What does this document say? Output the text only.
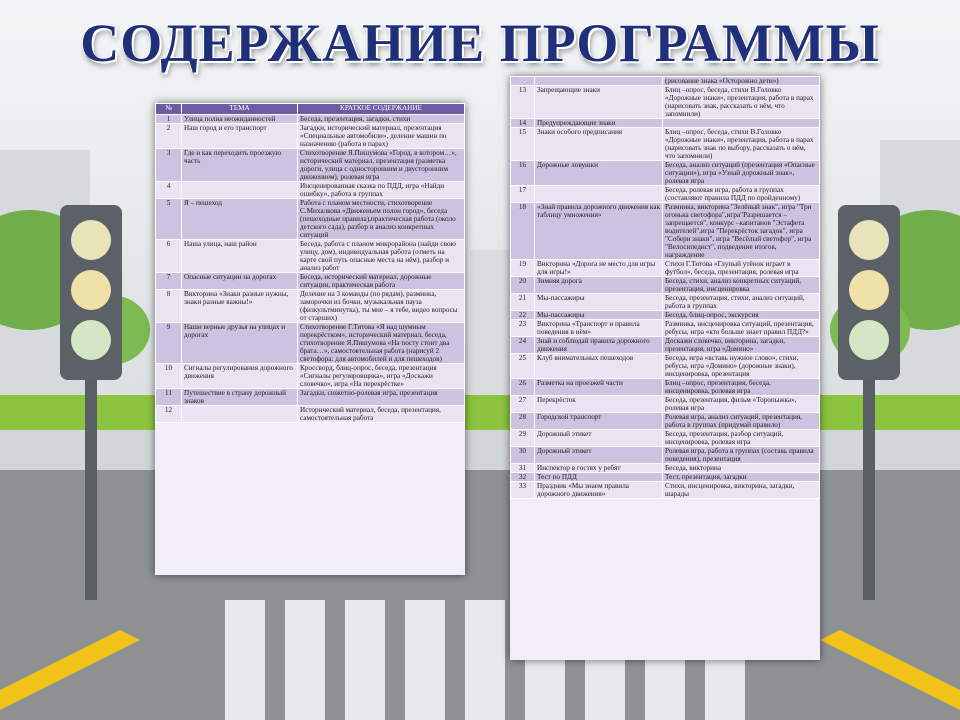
СОДЕРЖАНИЕ ПРОГРАММЫ
№	ТЕМА	КРАТКОЕ СОДЕРЖАНИЕ
1	Улица полна неожиданностей	Беседа, презентация, загадки, стихи
2	Наш город и его транспорт	Загадки, исторический материал, презентация «Специальные автомобили», деление машин по назначению (работа в парах)
3	Где и как переходить проезжую часть	Стихотворение Я.Пишумова «Город, в котором…», исторический материал, презентация (разметка дороги, улица с односторонним и двусторонним движением), ролевая игра
4		Инсценированная сказка по ПДД, игра «Найди ошибку», работа в группах
5	Я – пешеход	Работа с планом местности, стихотворение С.Михалкова «Движеньем полон город», беседа (пешеходные правила),практическая работа (около детского сада), разбор и анализ конкретных ситуаций
6	Наша улица, наш район	Беседа, работа с планом микрорайона (найди свою улицу, дом), индивидуальная работа (отметь на карте свой путь опасные места на нём), разбор и анализ работ
7	Опасные ситуации на дорогах	Беседа, исторический материал, дорожные ситуации, практическая работа
8	Викторина «Знаки разные нужны, знаки разные важны!»	Деление на 3 команды (по рядам), разминка, заморочки из бочки, музыкальная пауза (физкультминутка), ты мне – я тебе, видео вопросы от старших)
9	Наши верные друзья на улицах и дорогах	Стихотворение Г.Титова «Я над шумным перекрёстком», исторический материал, беседа, стихотворение Я.Пишумова «На посту стоит два брата…», самостоятельная работа (нарисуй 2 светофора: для автомобилей и для пешеходов)
10	Сигналы регулирования дорожного движения	Кроссворд, блиц-опрос, беседа, презентация «Сигналы регулировщика», игра «Доскажи словечко», игра «На перекрёстке»
11	Путешествие в страну дорожный знаков	Загадки, сюжетно-ролевая игра, презентация
12		Исторический материал, беседа, презентация, самостоятельная работа
		(рисование знака «Осторожно дети»)
13	Запрещающие знаки	Блиц –опрос, беседа, стихи В.Головко «Дорожные знаки», презентация, работа в парах (нарисовать знак, рассказать о нём, что запомнили)
14	Предупреждающие знаки	
15	Знаки особого предписания	Блиц –опрос, беседа, стихи В.Головко «Дорожные знаки», презентация, работа в парах (нарисовать знак по выбору, рассказать о нём, что запомнили)
16	Дорожные ловушки	Беседа, анализ ситуаций (презентация «Опасные ситуации»), игра «Узнай дорожный знак», ролевая игра
17		Беседа, ролевая игра, работа в группах (составляют правила ПДД по пройденному)
18	«Знай правила дорожного движения как таблицу умножения»	Разминка, викторина "Зелёный знак", игра "Три огонька светофора",игра"Разрешается – запрещается", конкурс –капитанов "Эстафета водителей",игра "Перекрёсток загадок", игра "Собери знаки", игра "Весёлый светофор", игра "Велосипедист", подведение итогов, награждение
19	Викторина «Дорога не место для игры для игры!»	Стихи Г.Титова «Глупый утёнок играет в футбол», беседа, презентация, ролевая игра
20	Зимняя дорога	Беседа, стихи, анализ конкретных ситуаций, презентация, инсценировка
21	Мы-пассажиры	Беседа, презентация, стихи, анализ ситуаций, работа в группах
22	Мы-пассажиры	Беседа, блиц-опрос, экскурсия
23	Викторина «Транспорт и правила поведения в нём»	Разминка, инсценировка ситуаций, презентация, ребусы, игра «кто больше знает правил ПДД?»
24	Знай и соблюдай правила дорожного движения	Доскажи словечко, викторина, загадки, презентация, игра «Домино»
25	Клуб внимательных пешеходов	Беседа, игра «вставь нужное слово», стихи, ребусы, игра «Домино» (дорожные знаки), инсценировка, презентация
26	Разметка на проезжей части	Блиц –опрос, презентация, беседа, инсценировка, ролевая игра
27	Перекрёсток	Беседа, презентация, фильм «Торопыжка», ролевая игра
28	Городской транспорт	Ролевая игра, анализ ситуаций, презентация, работа в группах (придумай правило)
29	Дорожный этикет	Беседа, презентация, разбор ситуаций, инсценировка, ролевая игра
30	Дорожный этикет	Ролевая игра, работа в группах (составь правила поведения), презентация
31	Инспектор в гостях у ребят	Беседа, викторина
32	Тест по ПДД	Тест, презентация, загадки
33	Праздник «Мы знаем правила дорожного движения»	Стихи, инсценировка, викторина, загадки, шарады
